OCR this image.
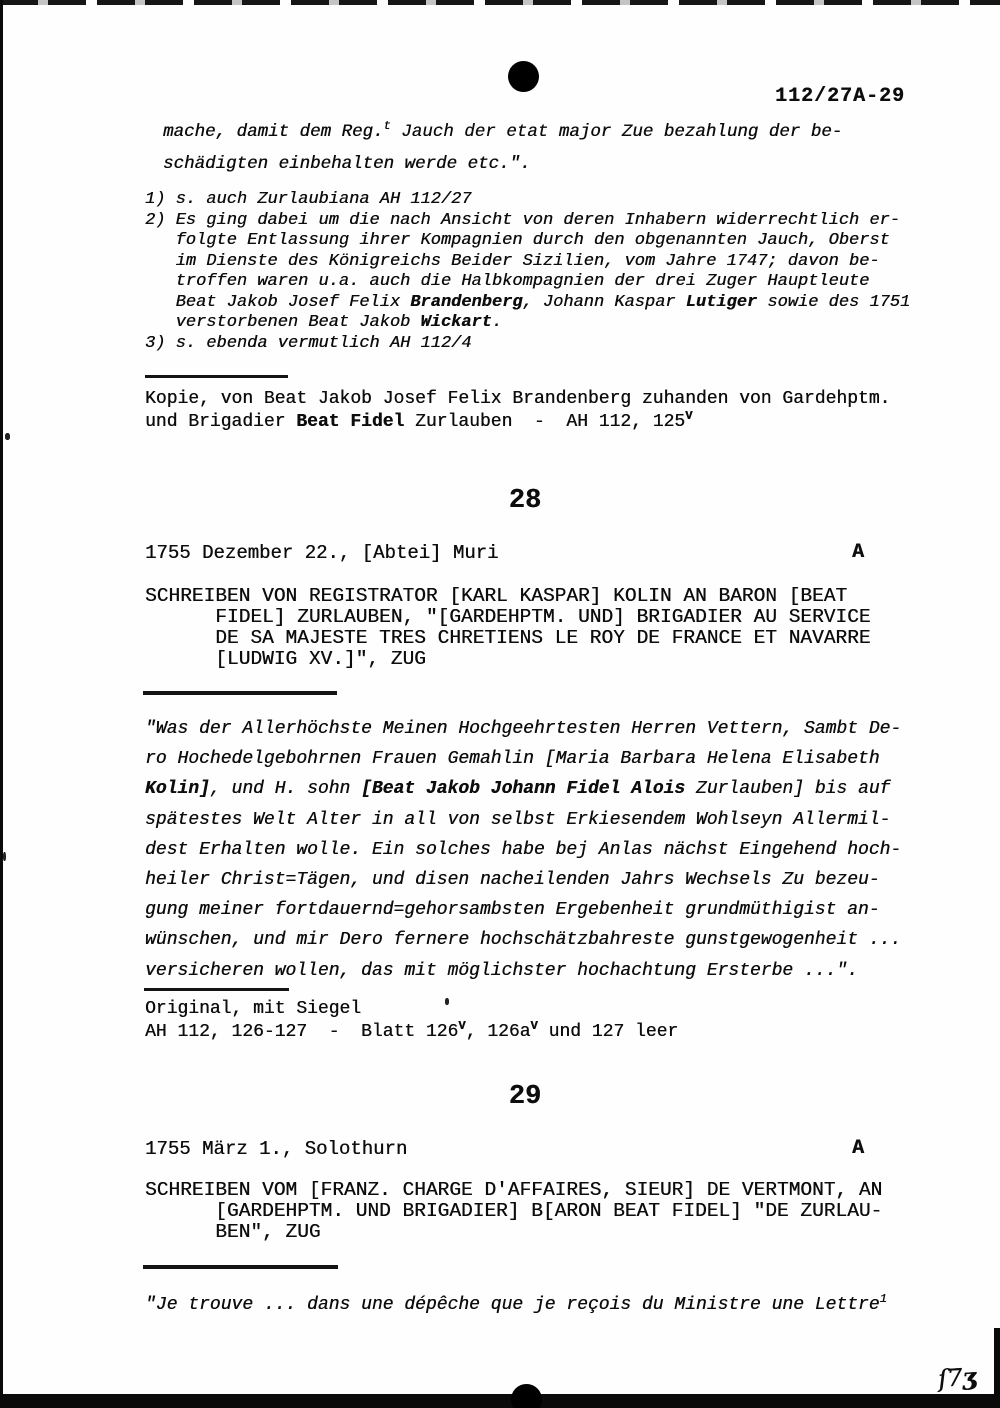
112/27A-29
mache, damit dem Reg.$^t$ Jauch der etat major Zue bezahlung der be-
schädigten einbehalten werde etc.".
1) s. auch Zurlaubiana AH 112/27
2) Es ging dabei um die nach Ansicht von deren Inhabern widerrechtlich er-
folgte Entlassung ihrer Kompagnien durch den obgenannten Jauch, Oberst
im Dienste des Königreichs Beider Sizilien, vom Jahre 1747; davon be-
troffen waren u.a. auch die Halbkompagnien der drei Zuger Hauptleute
Beat Jakob Josef Felix Brandenberg, Johann Kaspar Lutiger sowie des 1751
verstorbenen Beat Jakob Wickart.
3) s. ebenda vermutlich AH 112/4
Kopie, von Beat Jakob Josef Felix Brandenberg zuhanden von Gardehptm.
und Brigadier Beat Fidel Zurlauben  -  AH 112, $125^V$
28
1755 Dezember 22., [Abtei] Muri	A
SCHREIBEN VON REGISTRATOR [KARL KASPAR] KOLIN AN BARON [BEAT
FIDEL] ZURLAUBEN, "[GARDEHPTM. UND] BRIGADIER AU SERVICE
DE SA MAJESTE TRES CHRETIENS LE ROY DE FRANCE ET NAVARRE
[LUDWIG XV.]", ZUG
"Was der Allerhöchste Meinen Hochgeehrtesten Herren Vettern, Sambt De-
ro Hochedelgebohrnen Frauen Gemahlin [Maria Barbara Helena Elisabeth
Kolin], und H. sohn [Beat Jakob Johann Fidel Alois Zurlauben] bis auf
spätestes Welt Alter in all von selbst Erkiesendem Wohlseyn Allermil-
dest Erhalten wolle. Ein solches habe bej Anlas nächst Eingehend hoch-
heiler Christ=Tägen, und disen nacheilenden Jahrs Wechsels Zu bezeu-
gung meiner fortdauernd=gehorsambsten Ergebenheit grundmüthigist an-
wünschen, und mir Dero fernere hochschätzbahreste gunstgewogenheit ...
versicheren wollen, das mit möglichster hochachtung Ersterbe ...".
Original, mit Siegel
AH 112, 126-127  -  Blatt $126^V$, $126a^V$ und 127 leer
29
1755 März 1., Solothurn	A
SCHREIBEN VOM [FRANZ. CHARGE D'AFFAIRES, SIEUR] DE VERTMONT, AN
[GARDEHPTM. UND BRIGADIER] B[ARON BEAT FIDEL] "DE ZURLAU-
BEN", ZUG
"Je trouve ... dans une dépêche que je reçois du Ministre une Lettre$^1$
ſ7ʒ
